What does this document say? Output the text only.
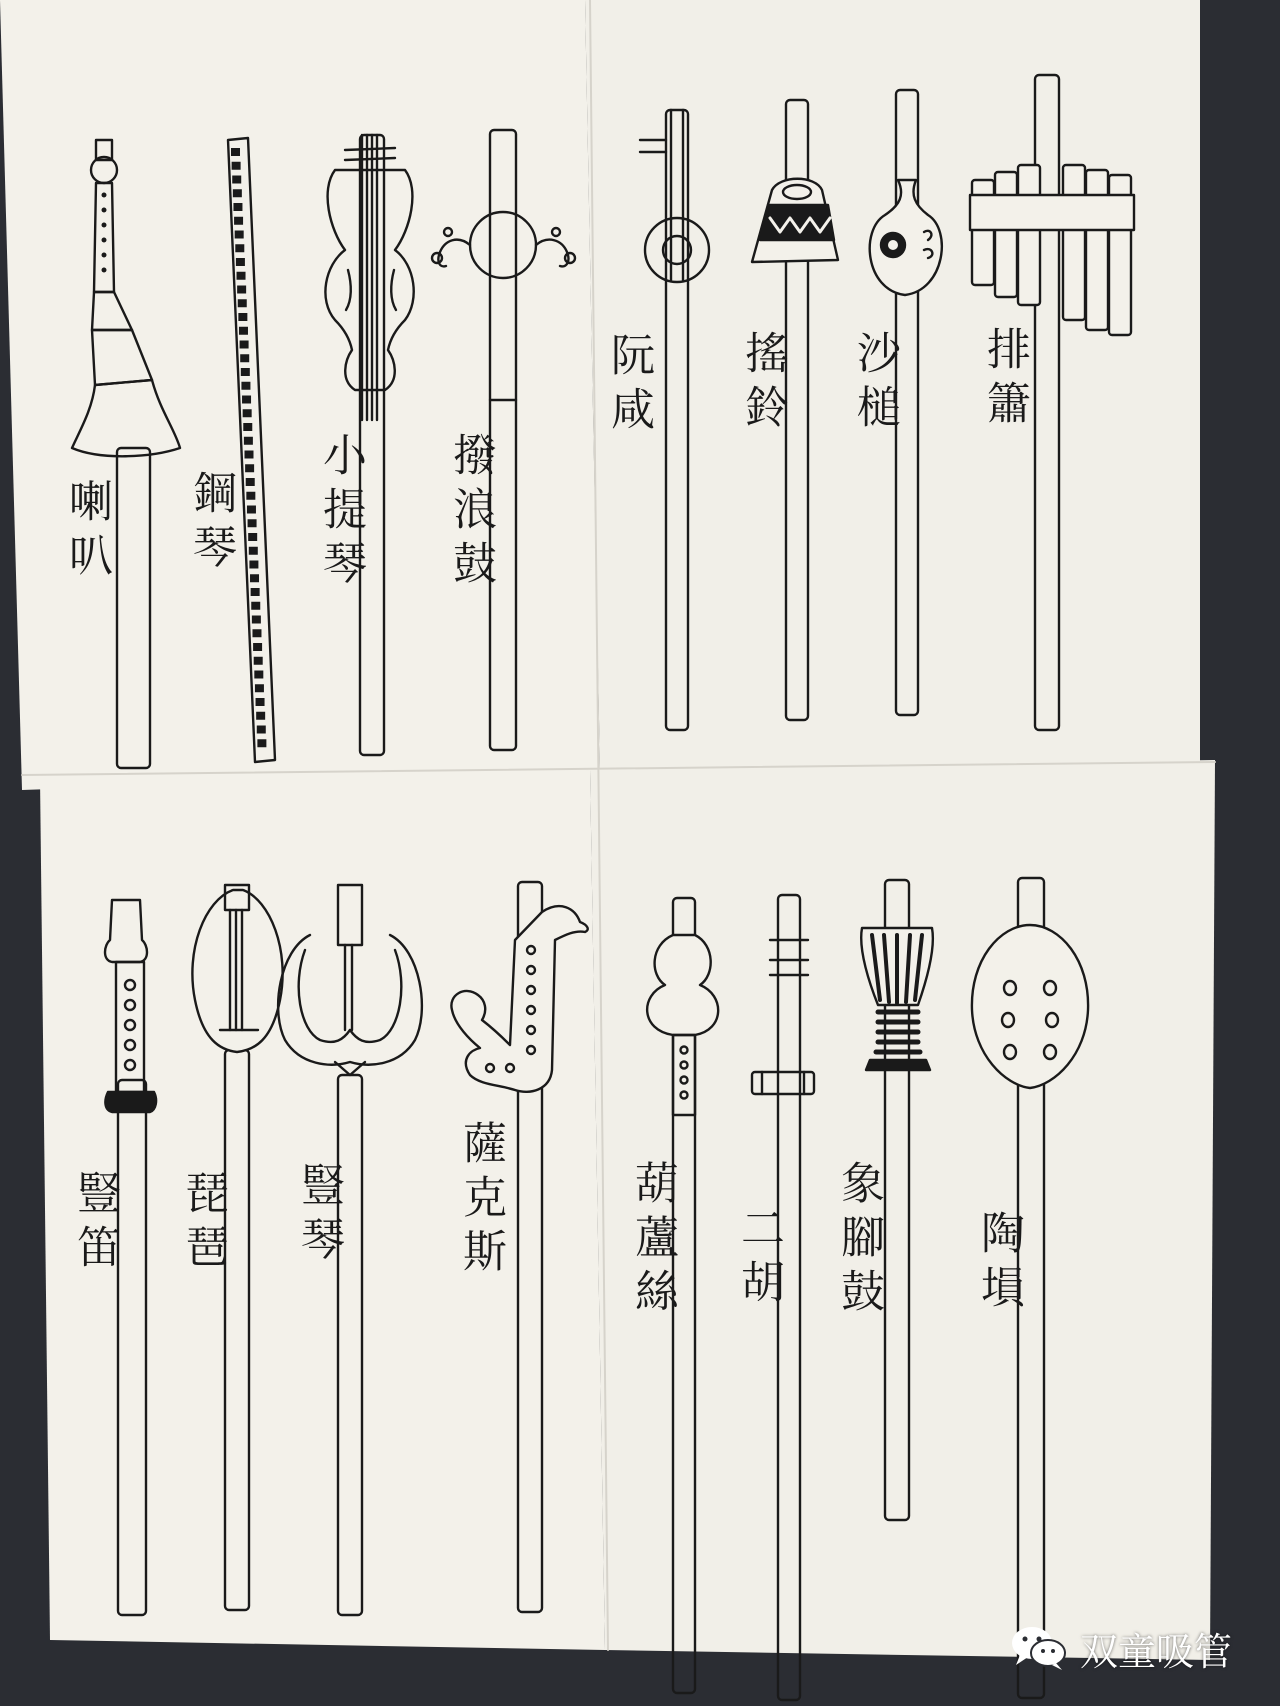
喇叭 鋼琴 小提琴 撥浪鼓
阮咸 搖鈴 沙槌 排簫
豎笛 琵琶 豎琴	薩克斯	葫蘆絲 二胡 象腳鼓 陶塤
双童吸管
